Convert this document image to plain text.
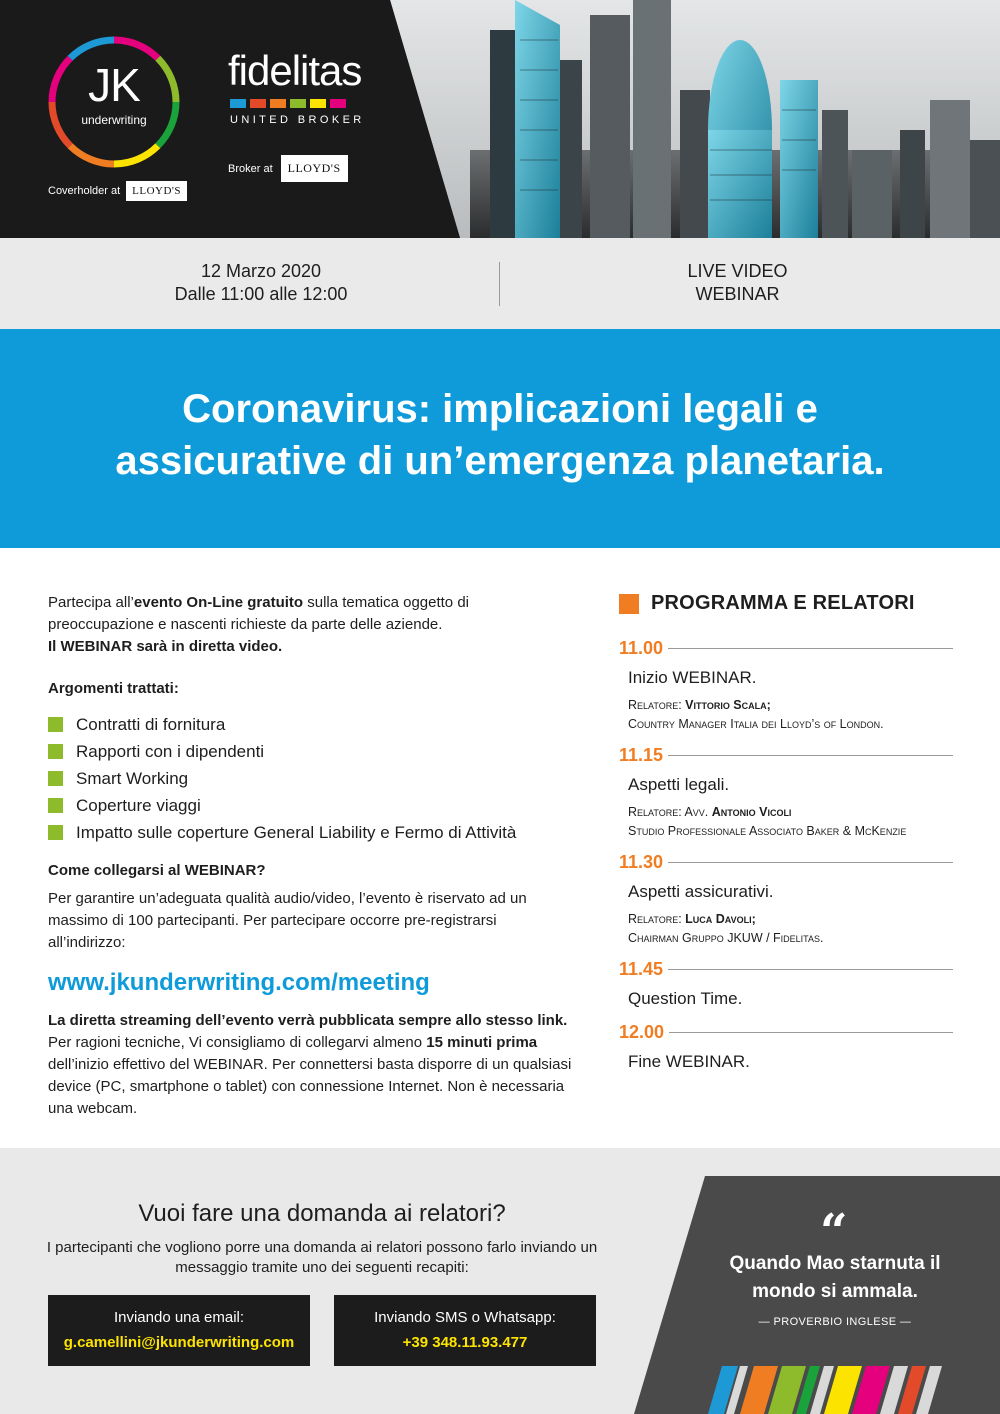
JK
underwriting
Coverholder at	LLOYD'S
fidelitas
UNITED BROKER
Broker at	LLOYD'S
12 Marzo 2020
Dalle 11:00 alle 12:00
LIVE VIDEO
WEBINAR
Coronavirus: implicazioni legali e
assicurative di un’emergenza planetaria.

Partecipa all’evento On-Line gratuito sulla tematica oggetto di preoccupazione e nascenti richieste da parte delle aziende.
Il WEBINAR sarà in diretta video.

Argomenti trattati:
Contratti di fornitura
Rapporti con i dipendenti
Smart Working
Coperture viaggi
Impatto sulle coperture General Liability e Fermo di Attività
Come collegarsi al WEBINAR?

Per garantire un’adeguata qualità audio/video, l’evento è riservato ad un massimo di 100 partecipanti. Per partecipare occorre pre-registrarsi all’indirizzo:

www.jkunderwriting.com/meeting

La diretta streaming dell’evento verrà pubblicata sempre allo stesso link. Per ragioni tecniche, Vi consigliamo di collegarvi almeno 15 minuti prima dell’inizio effettivo del WEBINAR. Per connettersi basta disporre di un qualsiasi device (PC, smartphone o tablet) con connessione Internet. Non è necessaria una webcam.

PROGRAMMA E RELATORI
11.00
Inizio WEBINAR.
Relatore: Vittorio Scala;
Country Manager Italia dei Lloyd’s of London.
11.15
Aspetti legali.
Relatore: Avv. Antonio Vicoli
Studio Professionale Associato Baker & McKenzie
11.30
Aspetti assicurativi.
Relatore: Luca Davoli;
Chairman Gruppo JKUW / Fidelitas.
11.45
Question Time.
12.00
Fine WEBINAR.
Vuoi fare una domanda ai relatori?
I partecipanti che vogliono porre una domanda ai relatori possono farlo inviando un messaggio tramite uno dei seguenti recapiti:
Inviando una email:
g.camellini@jkunderwriting.com
Inviando SMS o Whatsapp:
+39 348.11.93.477
“
Quando Mao starnuta il mondo si ammala.
— PROVERBIO INGLESE —
